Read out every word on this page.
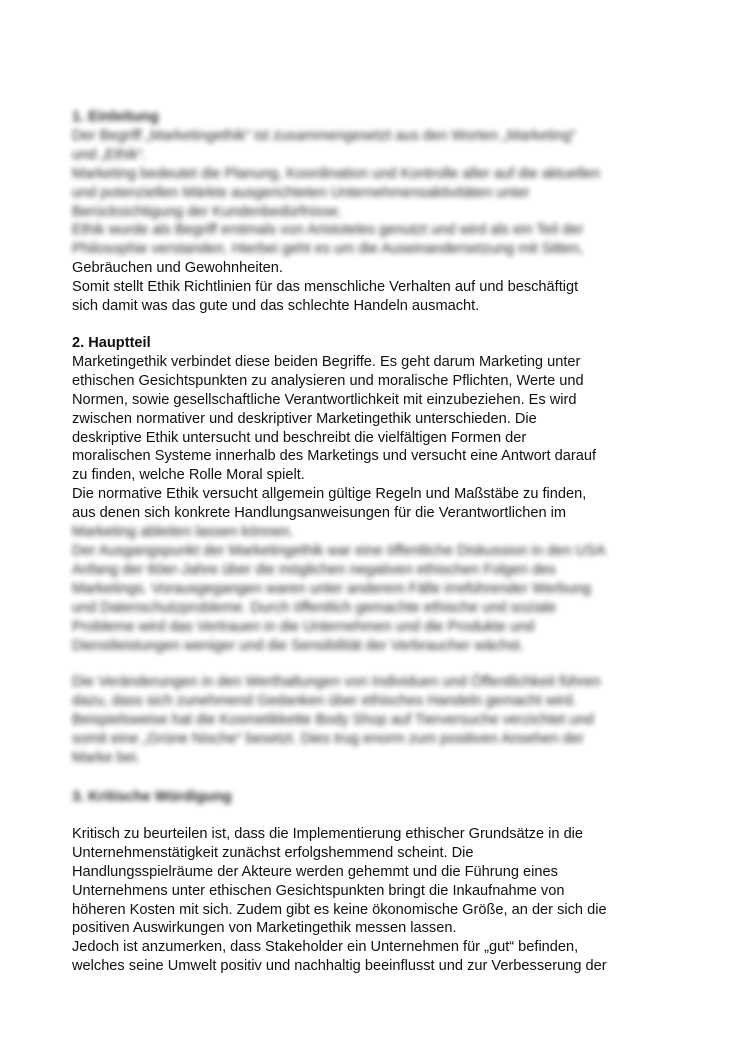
1. Einleitung

Der Begriff „Marketingethik“ ist zusammengesetzt aus den Worten „Marketing“
und „Ethik“.
Marketing bedeutet die Planung, Koordination und Kontrolle aller auf die aktuellen
und potenziellen Märkte ausgerichteten Unternehmensaktivitäten unter
Berücksichtigung der Kundenbedürfnisse.
Ethik wurde als Begriff erstmals von Aristoteles genutzt und wird als ein Teil der
Philosophie verstanden. Hierbei geht es um die Auseinandersetzung mit Sitten,

Gebräuchen und Gewohnheiten.
Somit stellt Ethik Richtlinien für das menschliche Verhalten auf und beschäftigt
sich damit was das gute und das schlechte Handeln ausmacht.

2. Hauptteil

Marketingethik verbindet diese beiden Begriffe. Es geht darum Marketing unter
ethischen Gesichtspunkten zu analysieren und moralische Pflichten, Werte und
Normen, sowie gesellschaftliche Verantwortlichkeit mit einzubeziehen. Es wird
zwischen normativer und deskriptiver Marketingethik unterschieden. Die
deskriptive Ethik untersucht und beschreibt die vielfältigen Formen der
moralischen Systeme innerhalb des Marketings und versucht eine Antwort darauf
zu finden, welche Rolle Moral spielt.
Die normative Ethik versucht allgemein gültige Regeln und Maßstäbe zu finden,
aus denen sich konkrete Handlungsanweisungen für die Verantwortlichen im

Marketing ableiten lassen können.
Der Ausgangspunkt der Marketingethik war eine öffentliche Diskussion in den USA
Anfang der 60er-Jahre über die möglichen negativen ethischen Folgen des
Marketings. Vorausgegangen waren unter anderem Fälle irreführender Werbung
und Datenschutzprobleme. Durch öffentlich gemachte ethische und soziale
Probleme wird das Vertrauen in die Unternehmen und die Produkte und
Dienstleistungen weniger und die Sensibilität der Verbraucher wächst.

Die Veränderungen in den Werthaltungen von Individuen und Öffentlichkeit führen
dazu, dass sich zunehmend Gedanken über ethisches Handeln gemacht wird.
Beispielsweise hat die Kosmetikkette Body Shop auf Tierversuche verzichtet und
somit eine „Grüne Nische“ besetzt. Dies trug enorm zum positiven Ansehen der
Marke bei.

3. Kritische Würdigung

Kritisch zu beurteilen ist, dass die Implementierung ethischer Grundsätze in die
Unternehmenstätigkeit zunächst erfolgshemmend scheint. Die
Handlungsspielräume der Akteure werden gehemmt und die Führung eines
Unternehmens unter ethischen Gesichtspunkten bringt die Inkaufnahme von
höheren Kosten mit sich. Zudem gibt es keine ökonomische Größe, an der sich die
positiven Auswirkungen von Marketingethik messen lassen.
Jedoch ist anzumerken, dass Stakeholder ein Unternehmen für „gut“ befinden,
welches seine Umwelt positiv und nachhaltig beeinflusst und zur Verbesserung der
